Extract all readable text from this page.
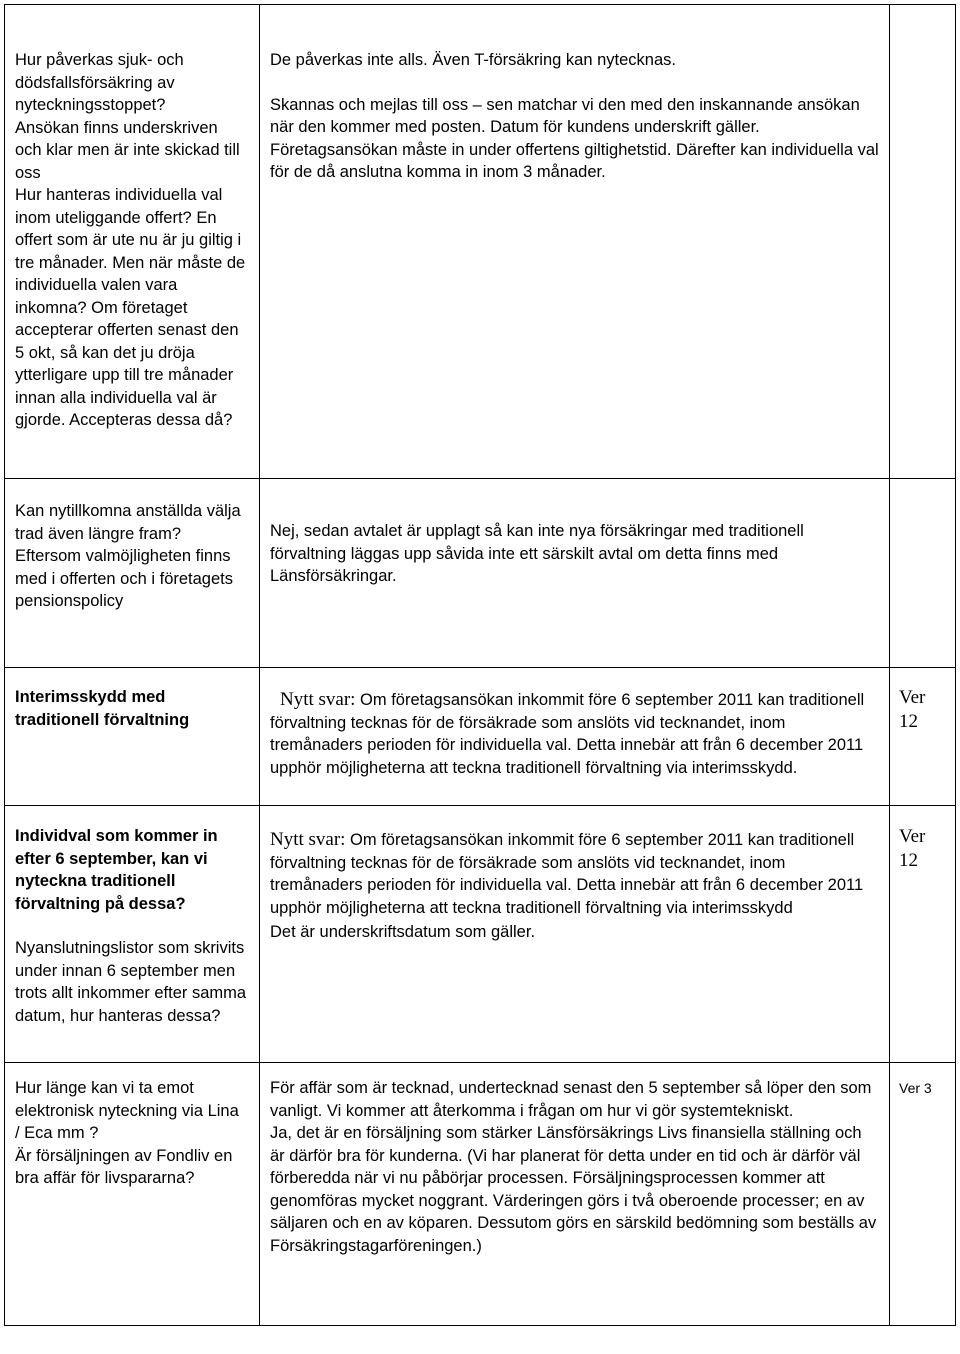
Hur påverkas sjuk- och dödsfallsförsäkring av nyteckningsstoppet?

Ansökan finns underskriven och klar men är inte skickad till oss

Hur hanteras individuella val inom uteliggande offert? En offert som är ute nu är ju giltig i tre månader. Men när måste de individuella valen vara inkomna? Om företaget accepterar offerten senast den 5 okt, så kan det ju dröja ytterligare upp till tre månader innan alla individuella val är gjorde. Accepteras dessa då?

De påverkas inte alls. Även T-försäkring kan nytecknas.

Skannas och mejlas till oss – sen matchar vi den med den inskannande ansökan när den kommer med posten. Datum för kundens underskrift gäller.

Företagsansökan måste in under offertens giltighetstid. Därefter kan individuella val för de då anslutna komma in inom 3 månader.

Kan nytillkomna anställda välja trad även längre fram? Eftersom valmöjligheten finns med i offerten och i företagets pensionspolicy

Nej, sedan avtalet är upplagt så kan inte nya försäkringar med traditionell förvaltning läggas upp såvida inte ett särskilt avtal om detta finns med Länsförsäkringar.

Interimsskydd med traditionell förvaltning

Nytt svar: Om företagsansökan inkommit före 6 september 2011 kan traditionell förvaltning tecknas för de försäkrade som anslöts vid tecknandet, inom tremånaders perioden för individuella val. Detta innebär att från 6 december 2011 upphör möjligheterna att teckna traditionell förvaltning via interimsskydd.

Ver

12

Individval som kommer in efter 6 september, kan vi nyteckna traditionell förvaltning på dessa?

Nyanslutningslistor som skrivits under innan 6 september men trots allt inkommer efter samma datum, hur hanteras dessa?

Nytt svar: Om företagsansökan inkommit före 6 september 2011 kan traditionell förvaltning tecknas för de försäkrade som anslöts vid tecknandet, inom tremånaders perioden för individuella val. Detta innebär att från 6 december 2011 upphör möjligheterna att teckna traditionell förvaltning via interimsskydd

Det är underskriftsdatum som gäller.

Ver

12

Hur länge kan vi ta emot elektronisk nyteckning via Lina / Eca mm ?

Är försäljningen av Fondliv en bra affär för livspararna?

För affär som är tecknad, undertecknad senast den 5 september så löper den som vanligt. Vi kommer att återkomma i frågan om hur vi gör systemtekniskt.

Ja, det är en försäljning som stärker Länsförsäkrings Livs finansiella ställning och är därför bra för kunderna. (Vi har planerat för detta under en tid och är därför väl förberedda när vi nu påbörjar processen. Försäljningsprocessen kommer att genomföras mycket noggrant. Värderingen görs i två oberoende processer; en av säljaren och en av köparen. Dessutom görs en särskild bedömning som beställs av Försäkringstagarföreningen.)

Ver 3
